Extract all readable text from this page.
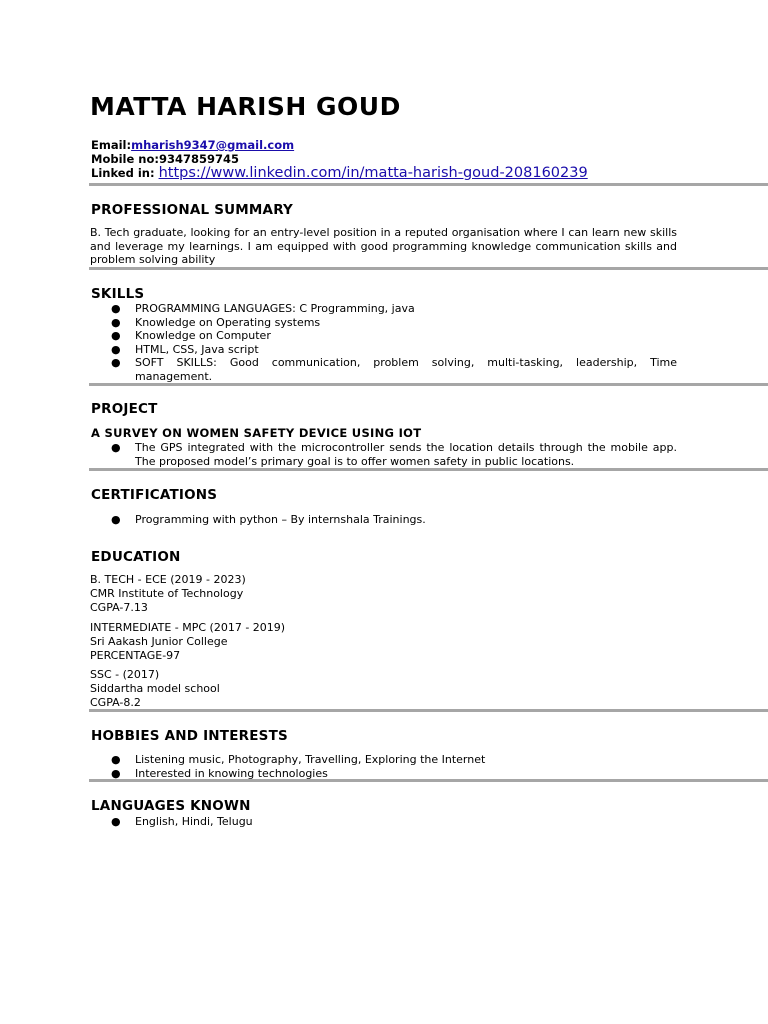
MATTA HARISH GOUD
Email:mharish9347@gmail.com
Mobile no:9347859745
Linked in: https://www.linkedin.com/in/matta-harish-goud-208160239
PROFESSIONAL SUMMARY

B. Tech graduate, looking for an entry-level position in a reputed organisation where I can learn new skills and leverage my learnings. I am equipped with good programming knowledge communication skills and problem solving ability

SKILLS
● PROGRAMMING LANGUAGES: C Programming, java
● Knowledge on Operating systems
● Knowledge on Computer
● HTML, CSS, Java script
● SOFT SKILLS: Good communication, problem solving, multi-tasking, leadership, Time management.
PROJECT
A SURVEY ON WOMEN SAFETY DEVICE USING IOT
● The GPS integrated with the microcontroller sends the location details through the mobile app. The proposed model’s primary goal is to offer women safety in public locations.
CERTIFICATIONS
● Programming with python – By internshala Trainings.
EDUCATION
B. TECH - ECE (2019 - 2023)
CMR Institute of Technology
CGPA-7.13
INTERMEDIATE - MPC (2017 - 2019)
Sri Aakash Junior College
PERCENTAGE-97
SSC - (2017)
Siddartha model school
CGPA-8.2
HOBBIES AND INTERESTS
● Listening music, Photography, Travelling, Exploring the Internet
● Interested in knowing technologies
LANGUAGES KNOWN
● English, Hindi, Telugu
